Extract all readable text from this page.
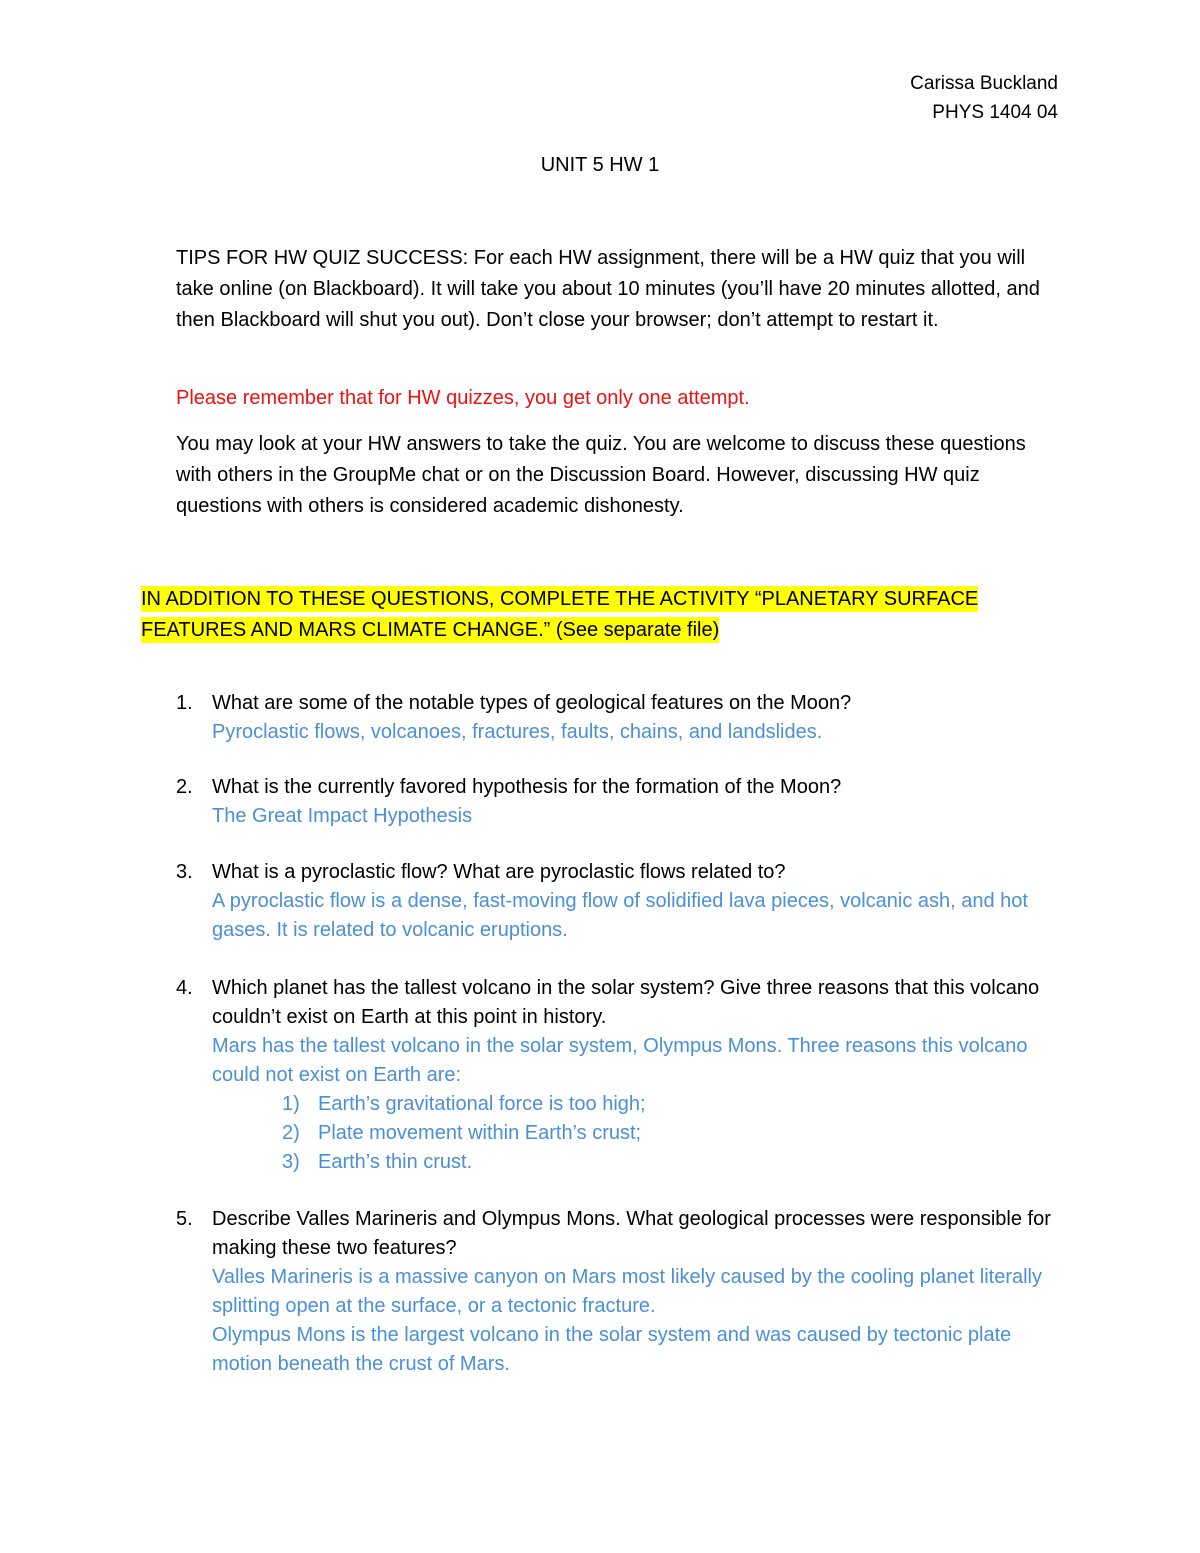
Carissa Buckland

PHYS 1404 04

UNIT 5 HW 1

TIPS FOR HW QUIZ SUCCESS: For each HW assignment, there will be a HW quiz that you will take online (on Blackboard). It will take you about 10 minutes (you’ll have 20 minutes allotted, and then Blackboard will shut you out). Don’t close your browser; don’t attempt to restart it.

Please remember that for HW quizzes, you get only one attempt.

You may look at your HW answers to take the quiz. You are welcome to discuss these questions with others in the GroupMe chat or on the Discussion Board. However, discussing HW quiz questions with others is considered academic dishonesty.

IN ADDITION TO THESE QUESTIONS, COMPLETE THE ACTIVITY “PLANETARY SURFACE FEATURES AND MARS CLIMATE CHANGE.” (See separate file)

1. What are some of the notable types of geological features on the Moon?
Pyroclastic flows, volcanoes, fractures, faults, chains, and landslides.
2. What is the currently favored hypothesis for the formation of the Moon?
The Great Impact Hypothesis
3. What is a pyroclastic flow? What are pyroclastic flows related to?
A pyroclastic flow is a dense, fast-moving flow of solidified lava pieces, volcanic ash, and hot gases. It is related to volcanic eruptions.
4. Which planet has the tallest volcano in the solar system? Give three reasons that this volcano couldn’t exist on Earth at this point in history.
Mars has the tallest volcano in the solar system, Olympus Mons. Three reasons this volcano could not exist on Earth are:
1) Earth’s gravitational force is too high;
2) Plate movement within Earth’s crust;
3) Earth’s thin crust.
5. Describe Valles Marineris and Olympus Mons. What geological processes were responsible for making these two features?
Valles Marineris is a massive canyon on Mars most likely caused by the cooling planet literally splitting open at the surface, or a tectonic fracture.
Olympus Mons is the largest volcano in the solar system and was caused by tectonic plate motion beneath the crust of Mars.
